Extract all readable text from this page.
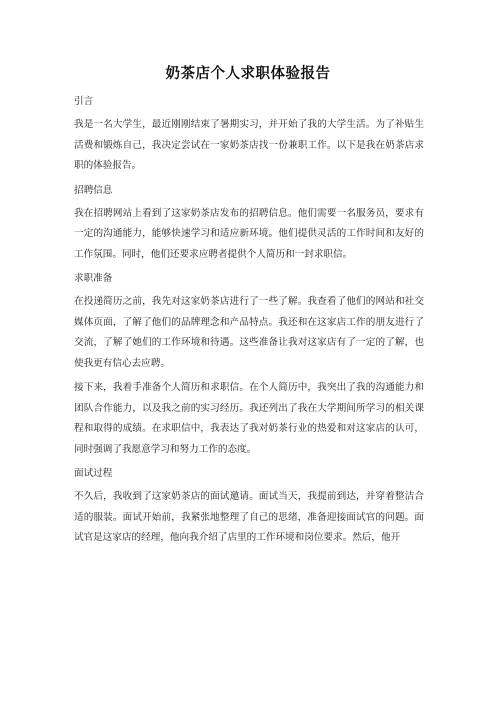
奶茶店个人求职体验报告
引言
我是一名大学生，最近刚刚结束了暑期实习，并开始了我的大学生活。为了补贴生活费和锻炼自己，我决定尝试在一家奶茶店找一份兼职工作。以下是我在奶茶店求职的体验报告。
招聘信息
我在招聘网站上看到了这家奶茶店发布的招聘信息。他们需要一名服务员，要求有一定的沟通能力，能够快速学习和适应新环境。他们提供灵活的工作时间和友好的工作氛围。同时，他们还要求应聘者提供个人简历和一封求职信。
求职准备
在投递简历之前，我先对这家奶茶店进行了一些了解。我查看了他们的网站和社交媒体页面，了解了他们的品牌理念和产品特点。我还和在这家店工作的朋友进行了交流，了解了她们的工作环境和待遇。这些准备让我对这家店有了一定的了解，也使我更有信心去应聘。
接下来，我着手准备个人简历和求职信。在个人简历中，我突出了我的沟通能力和团队合作能力，以及我之前的实习经历。我还列出了我在大学期间所学习的相关课程和取得的成绩。在求职信中，我表达了我对奶茶行业的热爱和对这家店的认可，同时强调了我愿意学习和努力工作的态度。
面试过程
不久后，我收到了这家奶茶店的面试邀请。面试当天，我提前到达，并穿着整洁合适的服装。面试开始前，我紧张地整理了自己的思绪，准备迎接面试官的问题。面试官是这家店的经理，他向我介绍了店里的工作环境和岗位要求。然后，他开
